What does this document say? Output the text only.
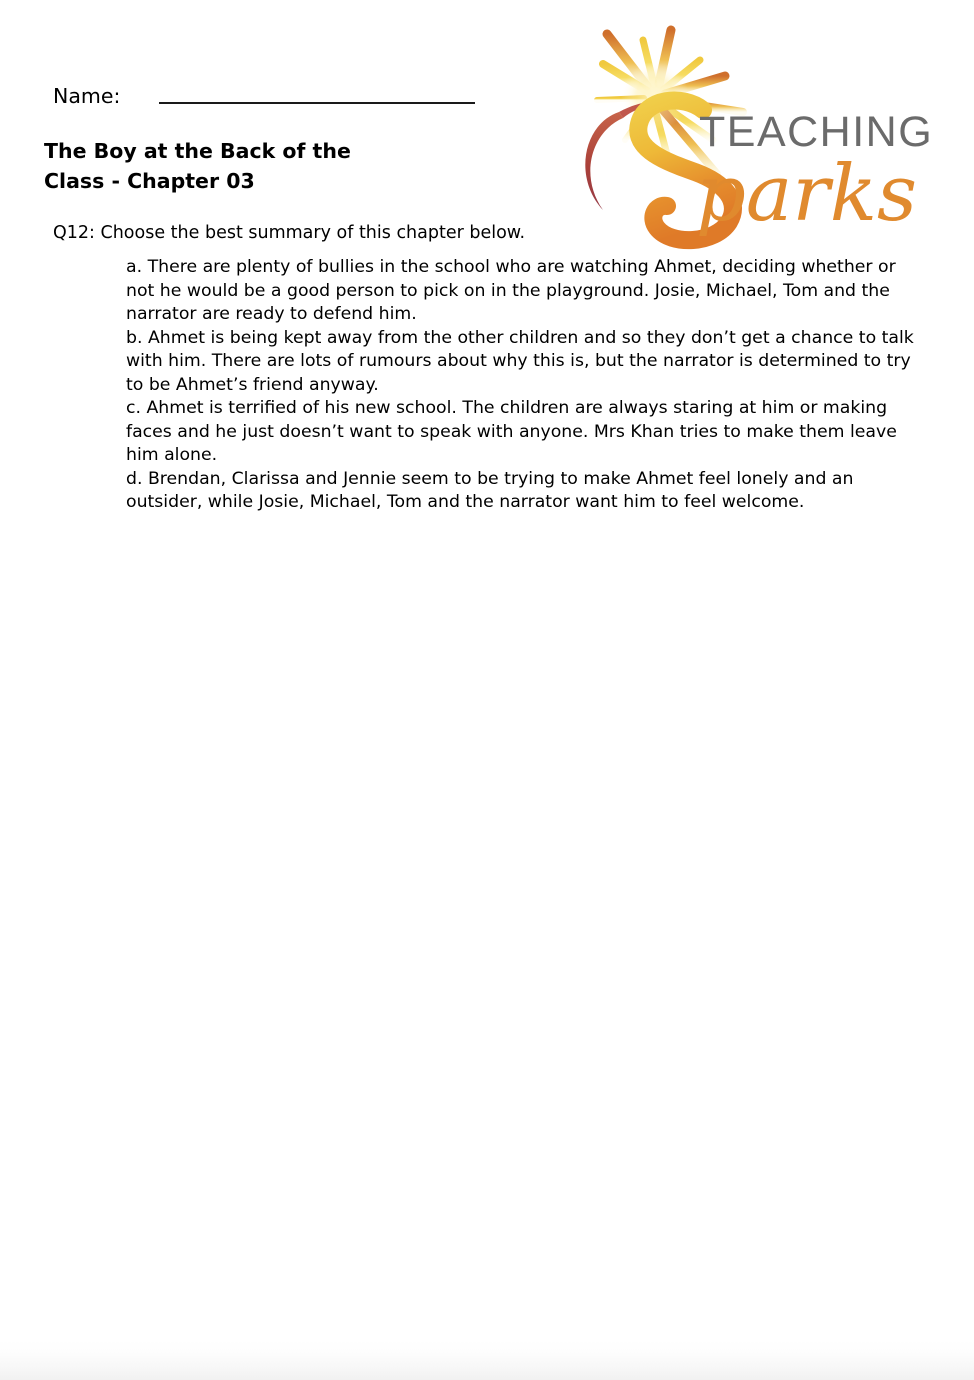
Name:
The Boy at the Back of the
Class - Chapter 03
Q12: Choose the best summary of this chapter below.

a. There are plenty of bullies in the school who are watching Ahmet, deciding whether or not he would be a good person to pick on in the playground. Josie, Michael, Tom and the narrator are ready to defend him.

b. Ahmet is being kept away from the other children and so they don’t get a chance to talk with him. There are lots of rumours about why this is, but the narrator is determined to try to be Ahmet’s friend anyway.

c. Ahmet is terrified of his new school. The children are always staring at him or making faces and he just doesn’t want to speak with anyone. Mrs Khan tries to make them leave him alone.

d. Brendan, Clarissa and Jennie seem to be trying to make Ahmet feel lonely and an outsider, while Josie, Michael, Tom and the narrator want him to feel welcome.

TEACHING
parks
